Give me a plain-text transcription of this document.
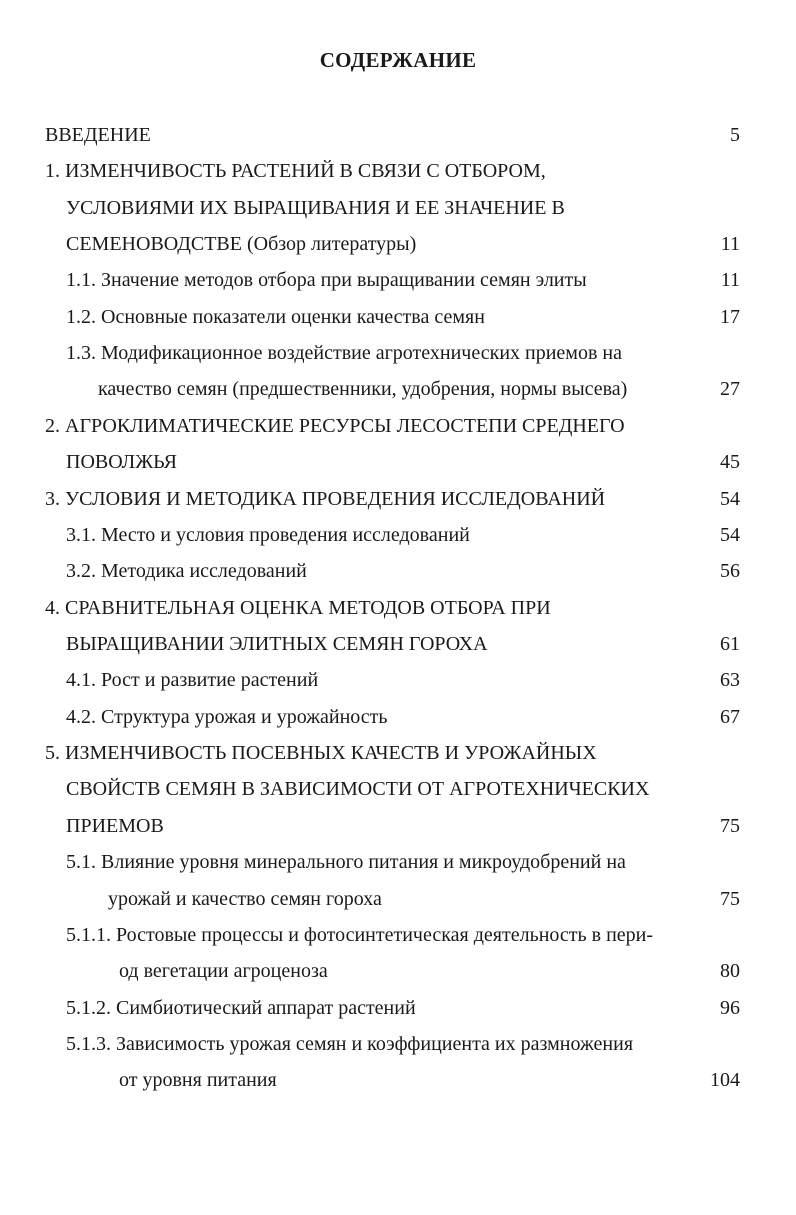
СОДЕРЖАНИЕ
ВВЕДЕНИЕ	5
1. ИЗМЕНЧИВОСТЬ РАСТЕНИЙ В СВЯЗИ С ОТБОРОМ,
УСЛОВИЯМИ ИХ ВЫРАЩИВАНИЯ И ЕЕ ЗНАЧЕНИЕ В
СЕМЕНОВОДСТВЕ (Обзор литературы)	11
1.1. Значение методов отбора при выращивании семян элиты	11
1.2. Основные показатели оценки качества семян	17
1.3. Модификационное воздействие агротехнических приемов на
качество семян (предшественники, удобрения, нормы высева)	27
2. АГРОКЛИМАТИЧЕСКИЕ РЕСУРСЫ ЛЕСОСТЕПИ СРЕДНЕГО
ПОВОЛЖЬЯ	45
3. УСЛОВИЯ И МЕТОДИКА ПРОВЕДЕНИЯ ИССЛЕДОВАНИЙ	54
3.1. Место и условия проведения исследований	54
3.2. Методика исследований	56
4. СРАВНИТЕЛЬНАЯ ОЦЕНКА МЕТОДОВ ОТБОРА ПРИ
ВЫРАЩИВАНИИ ЭЛИТНЫХ СЕМЯН ГОРОХА	61
4.1. Рост и развитие растений	63
4.2. Структура урожая и урожайность	67
5. ИЗМЕНЧИВОСТЬ ПОСЕВНЫХ КАЧЕСТВ И УРОЖАЙНЫХ
СВОЙСТВ СЕМЯН В ЗАВИСИМОСТИ ОТ АГРОТЕХНИЧЕСКИХ
ПРИЕМОВ	75
5.1. Влияние уровня минерального питания и микроудобрений на
урожай и качество семян гороха	75
5.1.1. Ростовые процессы и фотосинтетическая деятельность в пери-
од вегетации агроценоза	80
5.1.2. Симбиотический аппарат растений	96
5.1.3. Зависимость урожая семян и коэффициента их размножения
от уровня питания	104
